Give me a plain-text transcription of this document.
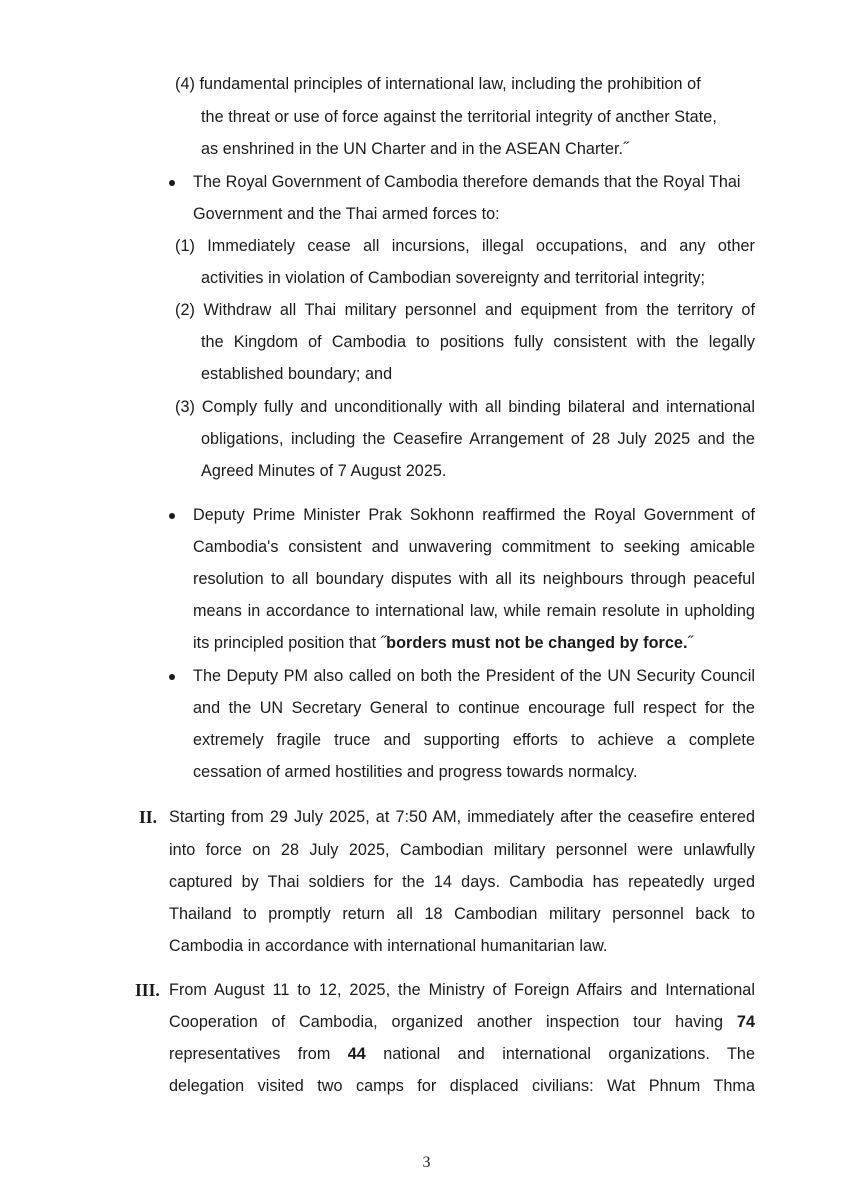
(4) fundamental principles of international law, including the prohibition of
the threat or use of force against the territorial integrity of ancther State,
as enshrined in the UN Charter and in the ASEAN Charter.˝
The Royal Government of Cambodia therefore demands that the Royal Thai
Government and the Thai armed forces to:
(1) Immediately cease all incursions, illegal occupations, and any other
activities in violation of Cambodian sovereignty and territorial integrity;
(2) Withdraw all Thai military personnel and equipment from the territory of
the Kingdom of Cambodia to positions fully consistent with the legally
established boundary; and
(3) Comply fully and unconditionally with all binding bilateral and international
obligations, including the Ceasefire Arrangement of 28 July 2025 and the
Agreed Minutes of 7 August 2025.
Deputy Prime Minister Prak Sokhonn reaffirmed the Royal Government of
Cambodiaʹs consistent and unwavering commitment to seeking amicable
resolution to all boundary disputes with all its neighbours through peaceful
means in accordance to international law, while remain resolute in upholding
its principled position that ˝borders must not be changed by force.˝
The Deputy PM also called on both the President of the UN Security Council
and the UN Secretary General to continue encourage full respect for the
extremely fragile truce and supporting efforts to achieve a complete
cessation of armed hostilities and progress towards normalcy.
II. Starting from 29 July 2025, at 7:50 AM, immediately after the ceasefire entered
into force on 28 July 2025, Cambodian military personnel were unlawfully
captured by Thai soldiers for the 14 days. Cambodia has repeatedly urged
Thailand to promptly return all 18 Cambodian military personnel back to
Cambodia in accordance with international humanitarian law.
III. From August 11 to 12, 2025, the Ministry of Foreign Affairs and International
Cooperation of Cambodia, organized another inspection tour having 74
representatives from 44 national and international organizations. The
delegation visited two camps for displaced civilians: Wat Phnum Thma
3
